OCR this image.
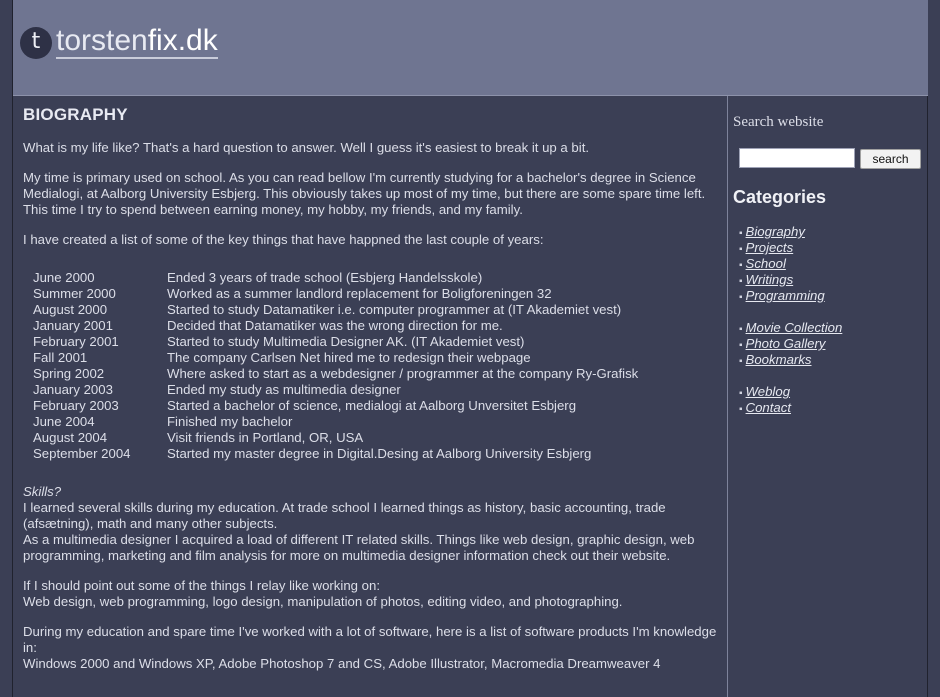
t torstenfix.dk
BIOGRAPHY

What is my life like? That's a hard question to answer. Well I guess it's easiest to break it up a bit.

My time is primary used on school. As you can read bellow I'm currently studying for a bachelor's degree in Science Medialogi, at Aalborg University Esbjerg. This obviously takes up most of my time, but there are some spare time left. This time I try to spend between earning money, my hobby, my friends, and my family.

I have created a list of some of the key things that have happned the last couple of years:

June 2000	Ended 3 years of trade school (Esbjerg Handelsskole)
Summer 2000	Worked as a summer landlord replacement for Boligforeningen 32
August 2000	Started to study Datamatiker i.e. computer programmer at (IT Akademiet vest)
January 2001	Decided that Datamatiker was the wrong direction for me.
February 2001	Started to study Multimedia Designer AK. (IT Akademiet vest)
Fall 2001	The company Carlsen Net hired me to redesign their webpage
Spring 2002	Where asked to start as a webdesigner / programmer at the company Ry-Grafisk
January 2003	Ended my study as multimedia designer
February 2003	Started a bachelor of science, medialogi at Aalborg Unversitet Esbjerg
June 2004	Finished my bachelor
August 2004	Visit friends in Portland, OR, USA
September 2004	Started my master degree in Digital.Desing at Aalborg University Esbjerg

Skills?

I learned several skills during my education. At trade school I learned things as history, basic accounting, trade (afsætning), math and many other subjects.

As a multimedia designer I acquired a load of different IT related skills. Things like web design, graphic design, web programming, marketing and film analysis for more on multimedia designer information check out their website.

If I should point out some of the things I relay like working on:

Web design, web programming, logo design, manipulation of photos, editing video, and photographing.

During my education and spare time I've worked with a lot of software, here is a list of software products I'm knowledge in:

Windows 2000 and Windows XP, Adobe Photoshop 7 and CS, Adobe Illustrator, Macromedia Dreamweaver 4

Search website
search
Categories
▪ Biography
▪ Projects
▪ School
▪ Writings
▪ Programming
▪ Movie Collection
▪ Photo Gallery
▪ Bookmarks
▪ Weblog
▪ Contact
